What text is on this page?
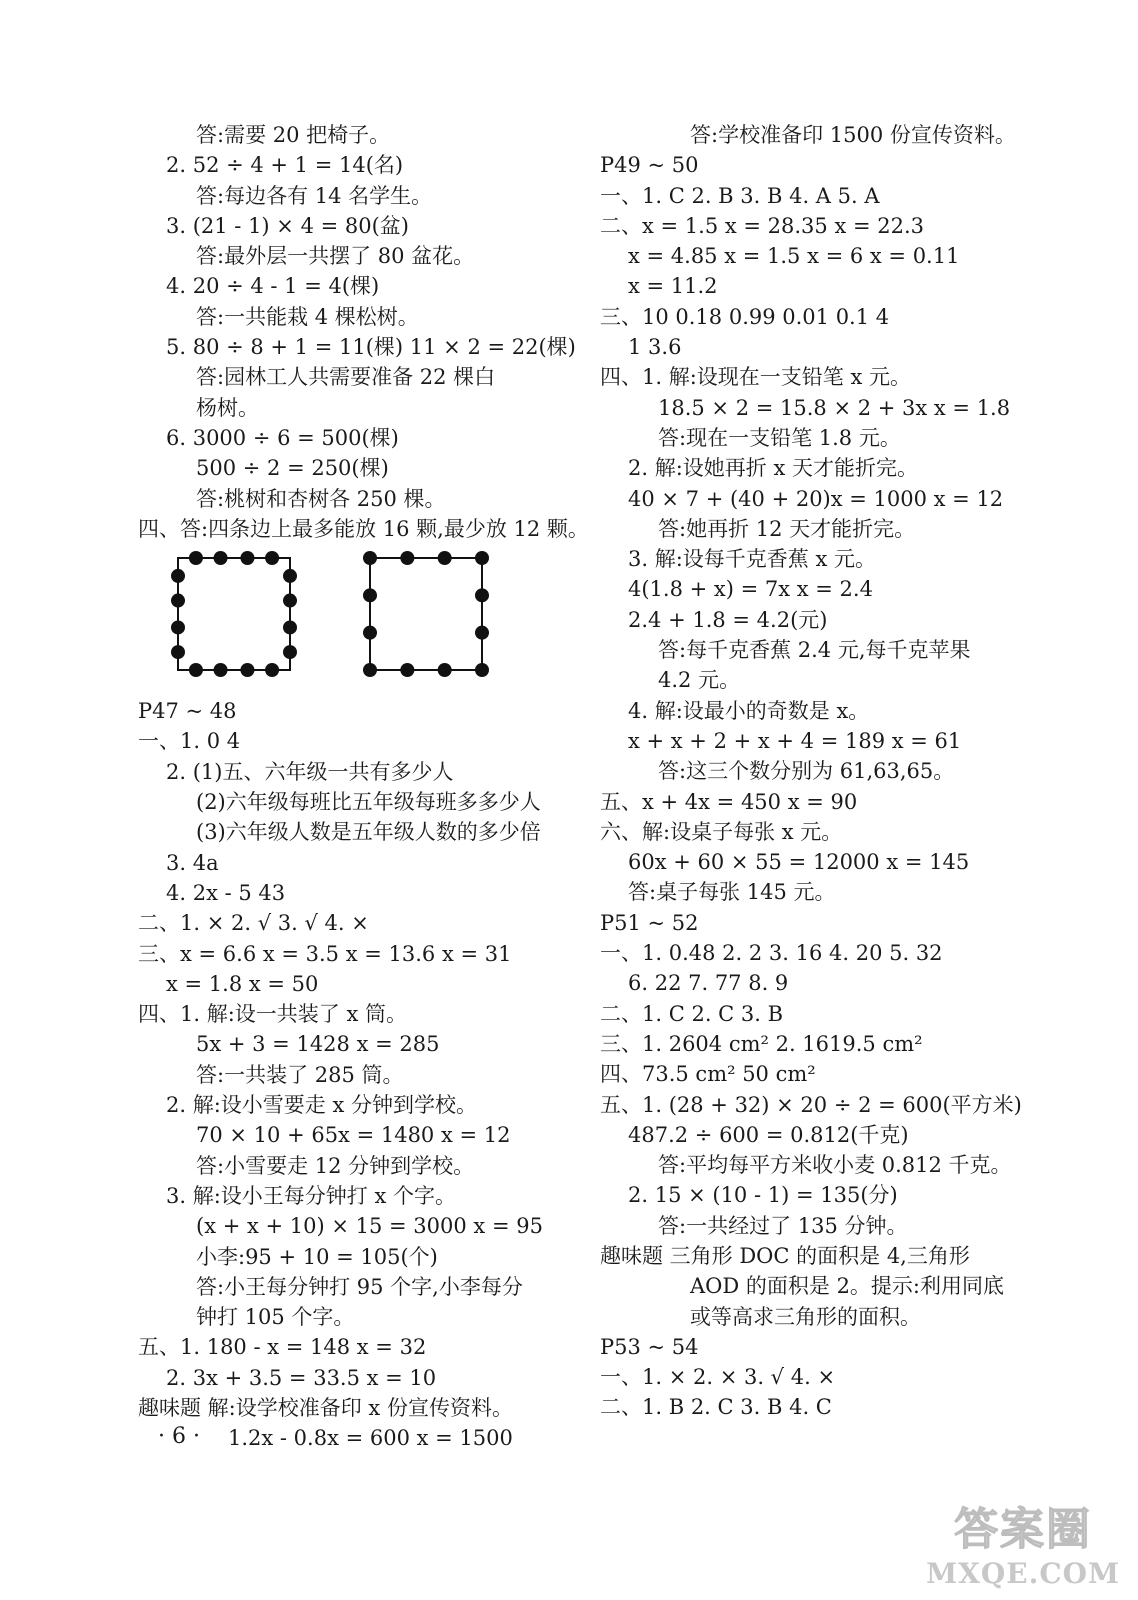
答:需要 20 把椅子。
2. 52 ÷ 4 + 1 = 14(名)
答:每边各有 14 名学生。
3. (21 - 1) × 4 = 80(盆)
答:最外层一共摆了 80 盆花。
4. 20 ÷ 4 - 1 = 4(棵)
答:一共能栽 4 棵松树。
5. 80 ÷ 8 + 1 = 11(棵) 11 × 2 = 22(棵)
答:园林工人共需要准备 22 棵白
杨树。
6. 3000 ÷ 6 = 500(棵)
500 ÷ 2 = 250(棵)
答:桃树和杏树各 250 棵。
四、答:四条边上最多能放 16 颗,最少放 12 颗。
P47 ~ 48
一、1. 0 4
2. (1)五、六年级一共有多少人
(2)六年级每班比五年级每班多多少人
(3)六年级人数是五年级人数的多少倍
3. 4a
4. 2x - 5 43
二、1. × 2. √ 3. √ 4. ×
三、x = 6.6 x = 3.5 x = 13.6 x = 31
x = 1.8 x = 50
四、1. 解:设一共装了 x 筒。
5x + 3 = 1428 x = 285
答:一共装了 285 筒。
2. 解:设小雪要走 x 分钟到学校。
70 × 10 + 65x = 1480 x = 12
答:小雪要走 12 分钟到学校。
3. 解:设小王每分钟打 x 个字。
(x + x + 10) × 15 = 3000 x = 95
小李:95 + 10 = 105(个)
答:小王每分钟打 95 个字,小李每分
钟打 105 个字。
五、1. 180 - x = 148 x = 32
2. 3x + 3.5 = 33.5 x = 10
趣味题 解:设学校准备印 x 份宣传资料。
1.2x - 0.8x = 600 x = 1500
答:学校准备印 1500 份宣传资料。
P49 ~ 50
一、1. C 2. B 3. B 4. A 5. A
二、x = 1.5 x = 28.35 x = 22.3
x = 4.85 x = 1.5 x = 6 x = 0.11
x = 11.2
三、10 0.18 0.99 0.01 0.1 4
1 3.6
四、1. 解:设现在一支铅笔 x 元。
18.5 × 2 = 15.8 × 2 + 3x x = 1.8
答:现在一支铅笔 1.8 元。
2. 解:设她再折 x 天才能折完。
40 × 7 + (40 + 20)x = 1000 x = 12
答:她再折 12 天才能折完。
3. 解:设每千克香蕉 x 元。
4(1.8 + x) = 7x x = 2.4
2.4 + 1.8 = 4.2(元)
答:每千克香蕉 2.4 元,每千克苹果
4.2 元。
4. 解:设最小的奇数是 x。
x + x + 2 + x + 4 = 189 x = 61
答:这三个数分别为 61,63,65。
五、x + 4x = 450 x = 90
六、解:设桌子每张 x 元。
60x + 60 × 55 = 12000 x = 145
答:桌子每张 145 元。
P51 ~ 52
一、1. 0.48 2. 2 3. 16 4. 20 5. 32
6. 22 7. 77 8. 9
二、1. C 2. C 3. B
三、1. 2604 cm² 2. 1619.5 cm²
四、73.5 cm² 50 cm²
五、1. (28 + 32) × 20 ÷ 2 = 600(平方米)
487.2 ÷ 600 = 0.812(千克)
答:平均每平方米收小麦 0.812 千克。
2. 15 × (10 - 1) = 135(分)
答:一共经过了 135 分钟。
趣味题 三角形 DOC 的面积是 4,三角形
AOD 的面积是 2。提示:利用同底
或等高求三角形的面积。
P53 ~ 54
一、1. × 2. × 3. √ 4. ×
二、1. B 2. C 3. B 4. C
· 6 ·
答案圈
MXQE.COM
